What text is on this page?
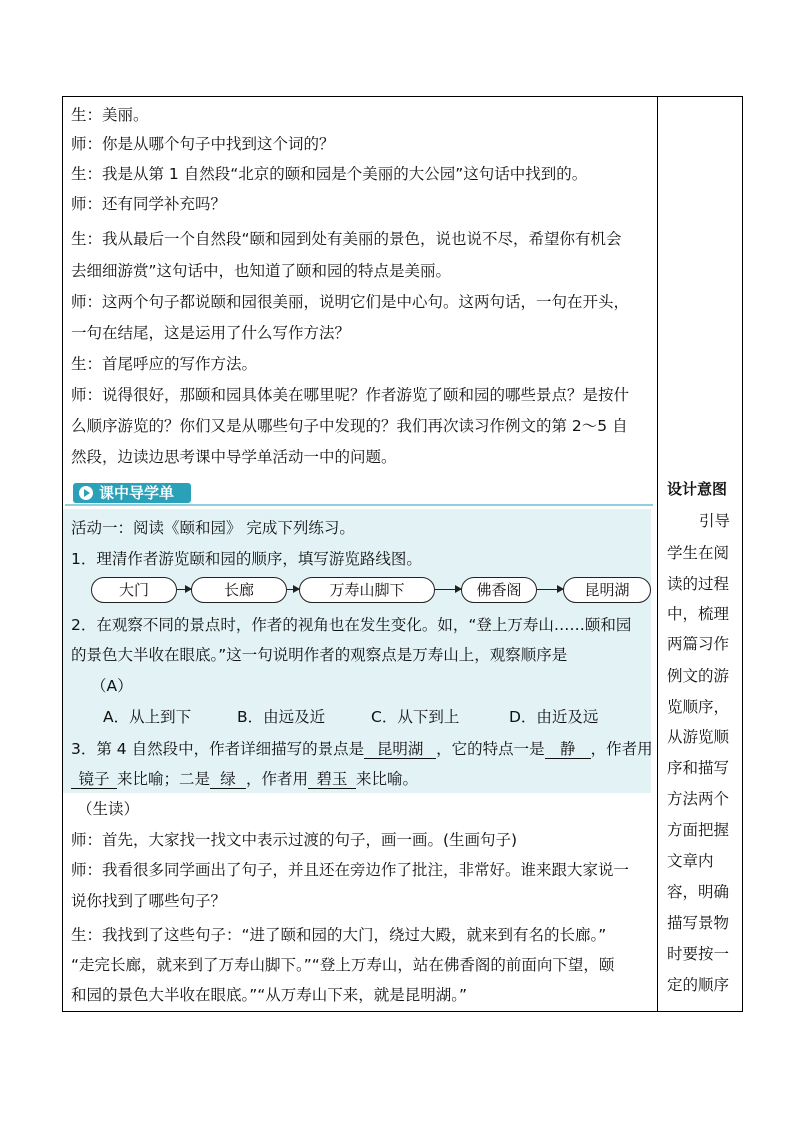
生：美丽。
师：你是从哪个句子中找到这个词的？
生：我是从第 1 自然段“北京的颐和园是个美丽的大公园”这句话中找到的。
师：还有同学补充吗？
生：我从最后一个自然段“颐和园到处有美丽的景色，说也说不尽，希望你有机会
去细细游赏”这句话中，也知道了颐和园的特点是美丽。
师：这两个句子都说颐和园很美丽，说明它们是中心句。这两句话，一句在开头，
一句在结尾，这是运用了什么写作方法？
生：首尾呼应的写作方法。
师：说得很好，那颐和园具体美在哪里呢？作者游览了颐和园的哪些景点？是按什
么顺序游览的？你们又是从哪些句子中发现的？我们再次读习作例文的第 2～5 自
然段，边读边思考课中导学单活动一中的问题。
课中导学单
活动一：阅读《颐和园》 完成下列练习。
1．理清作者游览颐和园的顺序，填写游览路线图。
大门	长廊	万寿山脚下	佛香阁	昆明湖
2．在观察不同的景点时，作者的视角也在发生变化。如，“登上万寿山……颐和园
的景色大半收在眼底。”这一句说明作者的观察点是万寿山上，观察顺序是
（A）
A．从上到下	B．由远及近	C．从下到上	D．由近及远
3．第 4 自然段中，作者详细描写的景点是 昆明湖 ，它的特点一是 静 ，作者用
镜子 来比喻；二是 绿 ，作者用 碧玉 来比喻。
（生读）
师：首先，大家找一找文中表示过渡的句子，画一画。(生画句子)
师：我看很多同学画出了句子，并且还在旁边作了批注，非常好。谁来跟大家说一
说你找到了哪些句子？
生：我找到了这些句子：“进了颐和园的大门，绕过大殿，就来到有名的长廊。”
“走完长廊，就来到了万寿山脚下。”“登上万寿山，站在佛香阁的前面向下望，颐
和园的景色大半收在眼底。”“从万寿山下来，就是昆明湖。”
设计意图
引导
学生在阅
读的过程
中，梳理
两篇习作
例文的游
览顺序，
从游览顺
序和描写
方法两个
方面把握
文章内
容，明确
描写景物
时要按一
定的顺序
